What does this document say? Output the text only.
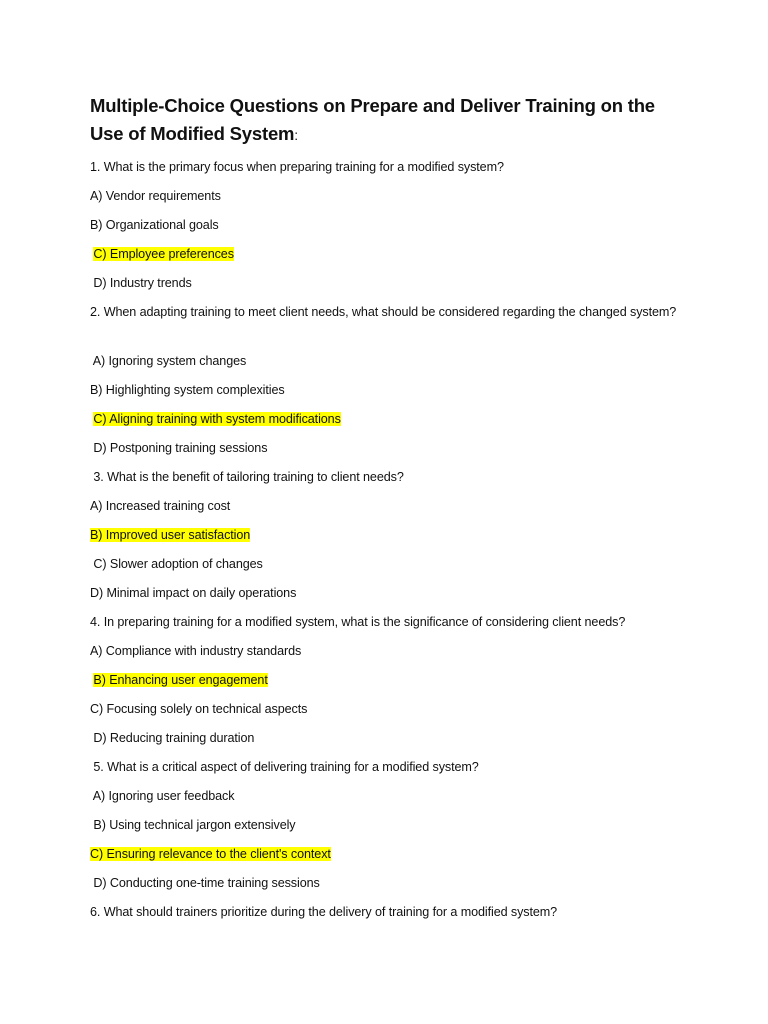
Multiple-Choice Questions on Prepare and Deliver Training on the Use of Modified System:
1. What is the primary focus when preparing training for a modified system?
A) Vendor requirements
B) Organizational goals
C) Employee preferences
D) Industry trends
2. When adapting training to meet client needs, what should be considered regarding the changed system?
A) Ignoring system changes
B) Highlighting system complexities
C) Aligning training with system modifications
D) Postponing training sessions
3. What is the benefit of tailoring training to client needs?
A) Increased training cost
B) Improved user satisfaction
C) Slower adoption of changes
D) Minimal impact on daily operations
4. In preparing training for a modified system, what is the significance of considering client needs?
A) Compliance with industry standards
B) Enhancing user engagement
C) Focusing solely on technical aspects
D) Reducing training duration
5. What is a critical aspect of delivering training for a modified system?
A) Ignoring user feedback
B) Using technical jargon extensively
C) Ensuring relevance to the client's context
D) Conducting one-time training sessions
6. What should trainers prioritize during the delivery of training for a modified system?
